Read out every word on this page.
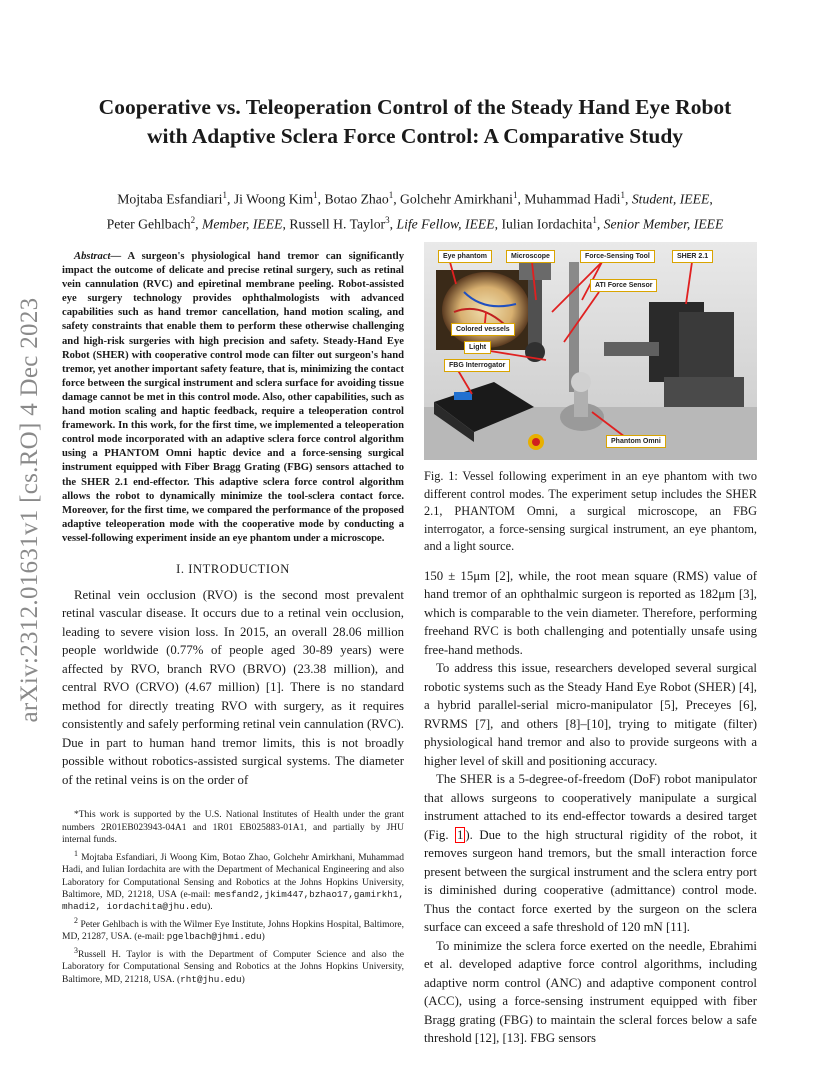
arXiv:2312.01631v1 [cs.RO] 4 Dec 2023
Cooperative vs. Teleoperation Control of the Steady Hand Eye Robot
with Adaptive Sclera Force Control: A Comparative Study
Mojtaba Esfandiari$^1$, Ji Woong Kim$^1$, Botao Zhao$^1$, Golchehr Amirkhani$^1$, Muhammad Hadi$^1$, Student, IEEE,
Peter Gehlbach$^2$, Member, IEEE, Russell H. Taylor$^3$, Life Fellow, IEEE, Iulian Iordachita$^1$, Senior Member, IEEE

Abstract— A surgeon's physiological hand tremor can significantly impact the outcome of delicate and precise retinal surgery, such as retinal vein cannulation (RVC) and epiretinal membrane peeling. Robot-assisted eye surgery technology provides ophthalmologists with advanced capabilities such as hand tremor cancellation, hand motion scaling, and safety constraints that enable them to perform these otherwise challenging and high-risk surgeries with high precision and safety. Steady-Hand Eye Robot (SHER) with cooperative control mode can filter out surgeon's hand tremor, yet another important safety feature, that is, minimizing the contact force between the surgical instrument and sclera surface for avoiding tissue damage cannot be met in this control mode. Also, other capabilities, such as hand motion scaling and haptic feedback, require a teleoperation control framework. In this work, for the first time, we implemented a teleoperation control mode incorporated with an adaptive sclera force control algorithm using a PHANTOM Omni haptic device and a force-sensing surgical instrument equipped with Fiber Bragg Grating (FBG) sensors attached to the SHER 2.1 end-effector. This adaptive sclera force control algorithm allows the robot to dynamically minimize the tool-sclera contact force. Moreover, for the first time, we compared the performance of the proposed adaptive teleoperation mode with the cooperative mode by conducting a vessel-following experiment inside an eye phantom under a microscope.

I. INTRODUCTION

Retinal vein occlusion (RVO) is the second most prevalent retinal vascular disease. It occurs due to a retinal vein occlusion, leading to severe vision loss. In 2015, an overall 28.06 million people worldwide (0.77% of people aged 30-89 years) were affected by RVO, branch RVO (BRVO) (23.38 million), and central RVO (CRVO) (4.67 million) [1]. There is no standard method for directly treating RVO with surgery, as it requires consistently and safely performing retinal vein cannulation (RVC). Due in part to human hand tremor limits, this is not broadly possible without robotics-assisted surgical systems. The diameter of the retinal veins is on the order of

*This work is supported by the U.S. National Institutes of Health under the grant numbers 2R01EB023943-04A1 and 1R01 EB025883-01A1, and partially by JHU internal funds.

$^1$ Mojtaba Esfandiari, Ji Woong Kim, Botao Zhao, Golchehr Amirkhani, Muhammad Hadi, and Iulian Iordachita are with the Department of Mechanical Engineering and also Laboratory for Computational Sensing and Robotics at the Johns Hopkins University, Baltimore, MD, 21218, USA (e-mail: mesfand2,jkim447,bzhao17,gamirkh1, mhadi2, iordachita@jhu.edu).

$^2$ Peter Gehlbach is with the Wilmer Eye Institute, Johns Hopkins Hospital, Baltimore, MD, 21287, USA. (e-mail: pgelbach@jhmi.edu)

$^3$Russell H. Taylor is with the Department of Computer Science and also the Laboratory for Computational Sensing and Robotics at the Johns Hopkins University, Baltimore, MD, 21218, USA. (rht@jhu.edu)

Eye phantom	Microscope	Force-Sensing Tool	SHER 2.1
ATI Force Sensor
Colored vessels
Light
FBG Interrogator
Phantom Omni

Fig. 1: Vessel following experiment in an eye phantom with two different control modes. The experiment setup includes the SHER 2.1, PHANTOM Omni, a surgical microscope, an FBG interrogator, a force-sensing surgical instrument, an eye phantom, and a light source.

150 ± 15μm [2], while, the root mean square (RMS) value of hand tremor of an ophthalmic surgeon is reported as 182μm [3], which is comparable to the vein diameter. Therefore, performing freehand RVC is both challenging and potentially unsafe using free-hand methods.

To address this issue, researchers developed several surgical robotic systems such as the Steady Hand Eye Robot (SHER) [4], a hybrid parallel-serial micro-manipulator [5], Preceyes [6], RVRMS [7], and others [8]–[10], trying to mitigate (filter) physiological hand tremor and also to provide surgeons with a higher level of skill and positioning accuracy.

The SHER is a 5-degree-of-freedom (DoF) robot manipulator that allows surgeons to cooperatively manipulate a surgical instrument attached to its end-effector towards a desired target (Fig. 1 ). Due to the high structural rigidity of the robot, it removes surgeon hand tremors, but the small interaction force present between the surgical instrument and the sclera entry port is diminished during cooperative (admittance) control mode. Thus the contact force exerted by the surgeon on the sclera surface can exceed a safe threshold of 120 mN [11].

To minimize the sclera force exerted on the needle, Ebrahimi et al. developed adaptive force control algorithms, including adaptive norm control (ANC) and adaptive component control (ACC), using a force-sensing instrument equipped with fiber Bragg grating (FBG) to maintain the scleral forces below a safe threshold [12], [13]. FBG sensors
